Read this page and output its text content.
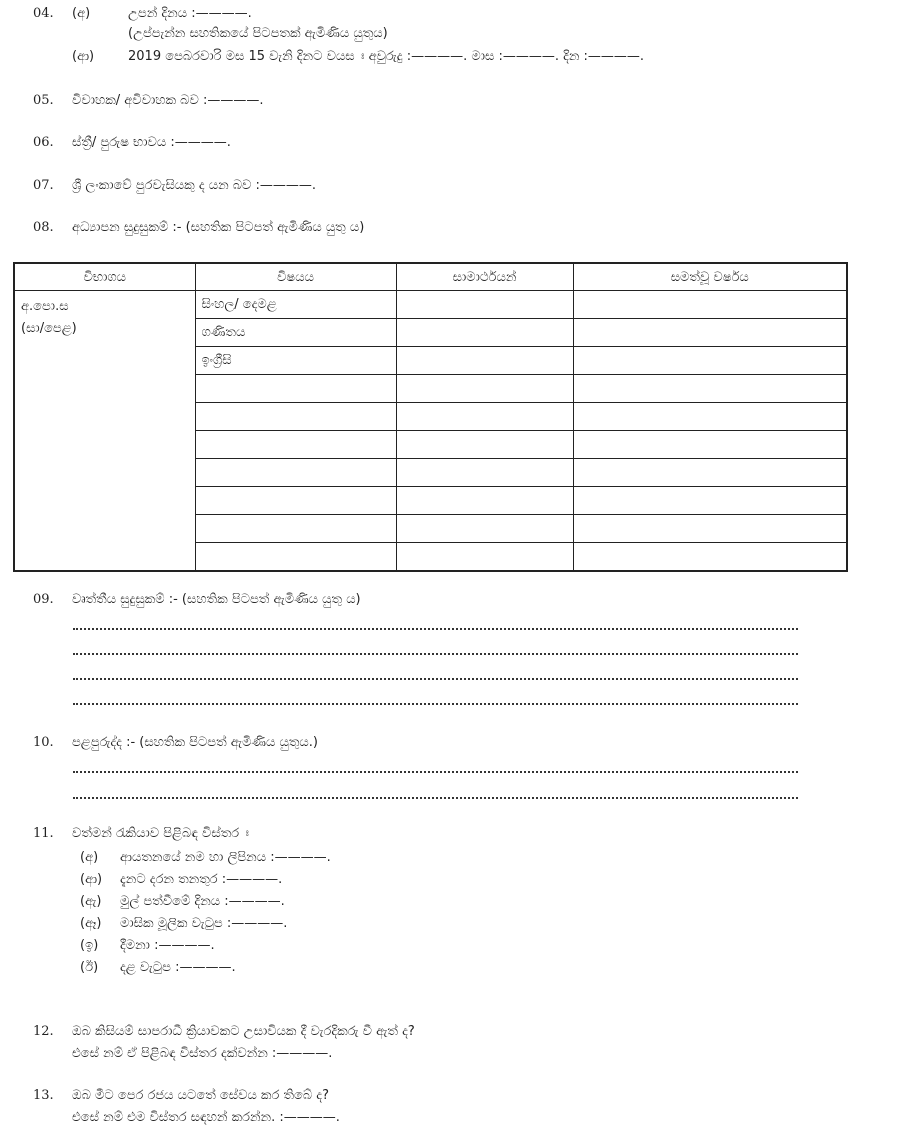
04. (අ)	උපන් දිනය :————.
(උප්පැන්න සහතිකයේ පිටපතක් ඇමිණිය යුතුය)
(ආ)	2019 පෙබරවාරි මස 15 වැනි දිනට වයස ඃ අවුරුදු :————. මාස :————. දින :————.
05. විවාහක/ අවිවාහක බව :————.
06. ස්ත්‍රී/ පුරුෂ භාවය :————.
07. ශ්‍රී ලංකාවේ පුරවැසියකු ද යන බව :————.
08. අධ්‍යාපන සුදුසුකම් :- (සහතික පිටපත් ඇමිණිය යුතු ය)
විභාගය	විෂයය	සාමාර්ථයන්	සමත්වූ වර්ෂය
අ.පො.ස
(සා/පෙළ)	සිංහල/ දෙමළ		
	ගණිතය		
	ඉංග්‍රීසි		

09. වෘත්තීය සුදුසුකම් :- (සහතික පිටපත් ඇමිණිය යුතු ය)
10. පළපුරුද්ද :- (සහතික පිටපත් ඇමිණිය යුතුය.)
11. වත්මන් රැකියාව පිළිබඳ විස්තර ඃ
(අ) ආයතනයේ නම හා ලිපිනය :————.
(ආ) දැනට දරන තනතුර :————.
(ඇ) මුල් පත්වීමේ දිනය :————.
(ඈ) මාසික මූලික වැටුප :————.
(ඉ) දීමනා :————.
(ඊ) දළ වැටුප :————.
12. ඔබ කිසියම් සාපරාධී ක්‍රියාවකට උසාවියක දී වැරදිකරු වී ඇත් ද?
එසේ නම් ඒ පිළිබඳ විස්තර දක්වන්න :————.
13. ඔබ මීට පෙර රජය යටතේ සේවය කර තිබේ ද?
එසේ නම් එම විස්තර සඳහන් කරන්න. :————.
